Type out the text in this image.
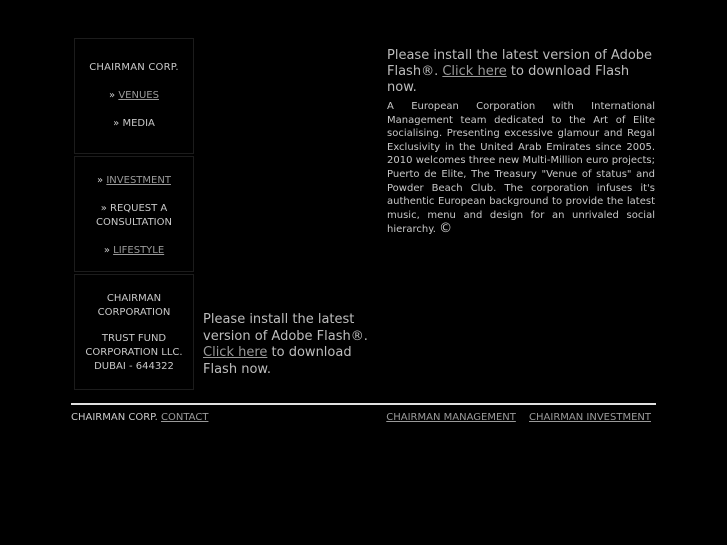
CHAIRMAN CORP.
» VENUES
» MEDIA
» INVESTMENT
» REQUEST A
CONSULTATION
» LIFESTYLE
CHAIRMAN
CORPORATION
TRUST FUND
CORPORATION LLC.
DUBAI - 644322
Please install the latest version of Adobe Flash®. Click here to download Flash now.
A European Corporation with International Management team dedicated to the Art of Elite socialising. Presenting excessive glamour and Regal Exclusivity in the United Arab Emirates since 2005. 2010 welcomes three new Multi-Million euro projects; Puerto de Elite, The Treasury "Venue of status" and Powder Beach Club. The corporation infuses it's authentic European background to provide the latest music, menu and design for an unrivaled social hierarchy. ©
Please install the latest version of Adobe Flash®. Click here to download Flash now.
CHAIRMAN CORP. CONTACT	CHAIRMAN MANAGEMENT CHAIRMAN INVESTMENT
